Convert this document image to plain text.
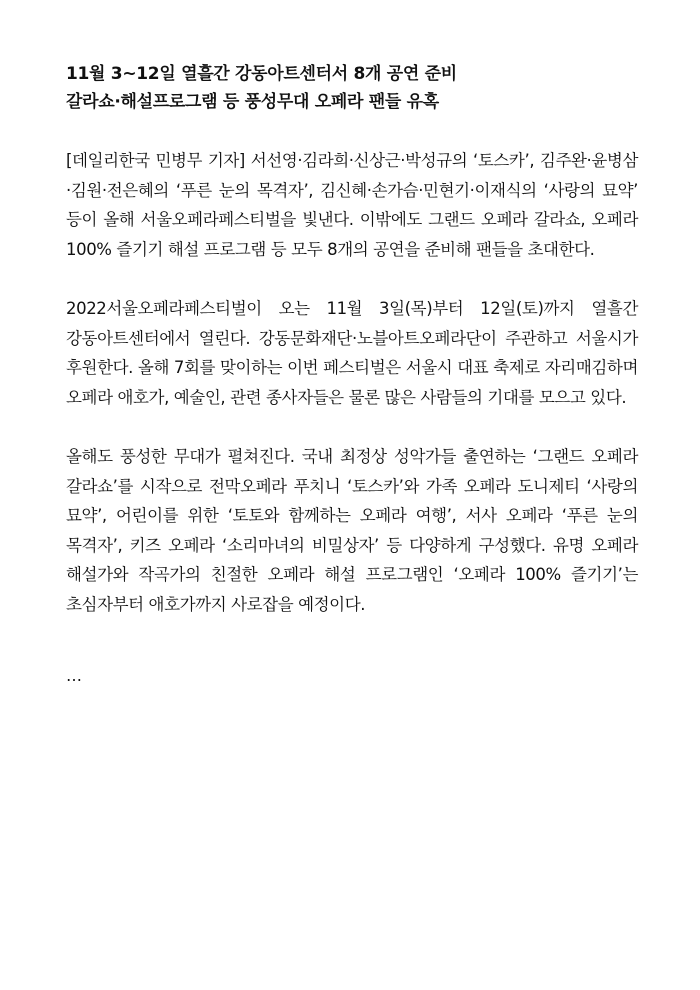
11월 3~12일 열흘간 강동아트센터서 8개 공연 준비
갈라쇼·해설프로그램 등 풍성무대 오페라 팬들 유혹

[데일리한국 민병무 기자] 서선영·김라희·신상근·박성규의 ‘토스카’, 김주완·윤병삼·김원·전은혜의 ‘푸른 눈의 목격자’, 김신혜·손가슴·민현기·이재식의 ‘사랑의 묘약’ 등이 올해 서울오페라페스티벌을 빛낸다. 이밖에도 그랜드 오페라 갈라쇼, 오페라 100% 즐기기 해설 프로그램 등 모두 8개의 공연을 준비해 팬들을 초대한다.

2022서울오페라페스티벌이 오는 11월 3일(목)부터 12일(토)까지 열흘간 강동아트센터에서 열린다. 강동문화재단·노블아트오페라단이 주관하고 서울시가 후원한다. 올해 7회를 맞이하는 이번 페스티벌은 서울시 대표 축제로 자리매김하며 오페라 애호가, 예술인, 관련 종사자들은 물론 많은 사람들의 기대를 모으고 있다.

올해도 풍성한 무대가 펼쳐진다. 국내 최정상 성악가들 출연하는 ‘그랜드 오페라 갈라쇼’를 시작으로 전막오페라 푸치니 ‘토스카’와 가족 오페라 도니제티 ‘사랑의 묘약’, 어린이를 위한 ‘토토와 함께하는 오페라 여행’, 서사 오페라 ‘푸른 눈의 목격자’, 키즈 오페라 ‘소리마녀의 비밀상자’ 등 다양하게 구성했다. 유명 오페라 해설가와 작곡가의 친절한 오페라 해설 프로그램인 ‘오페라 100% 즐기기’는 초심자부터 애호가까지 사로잡을 예정이다.

…
